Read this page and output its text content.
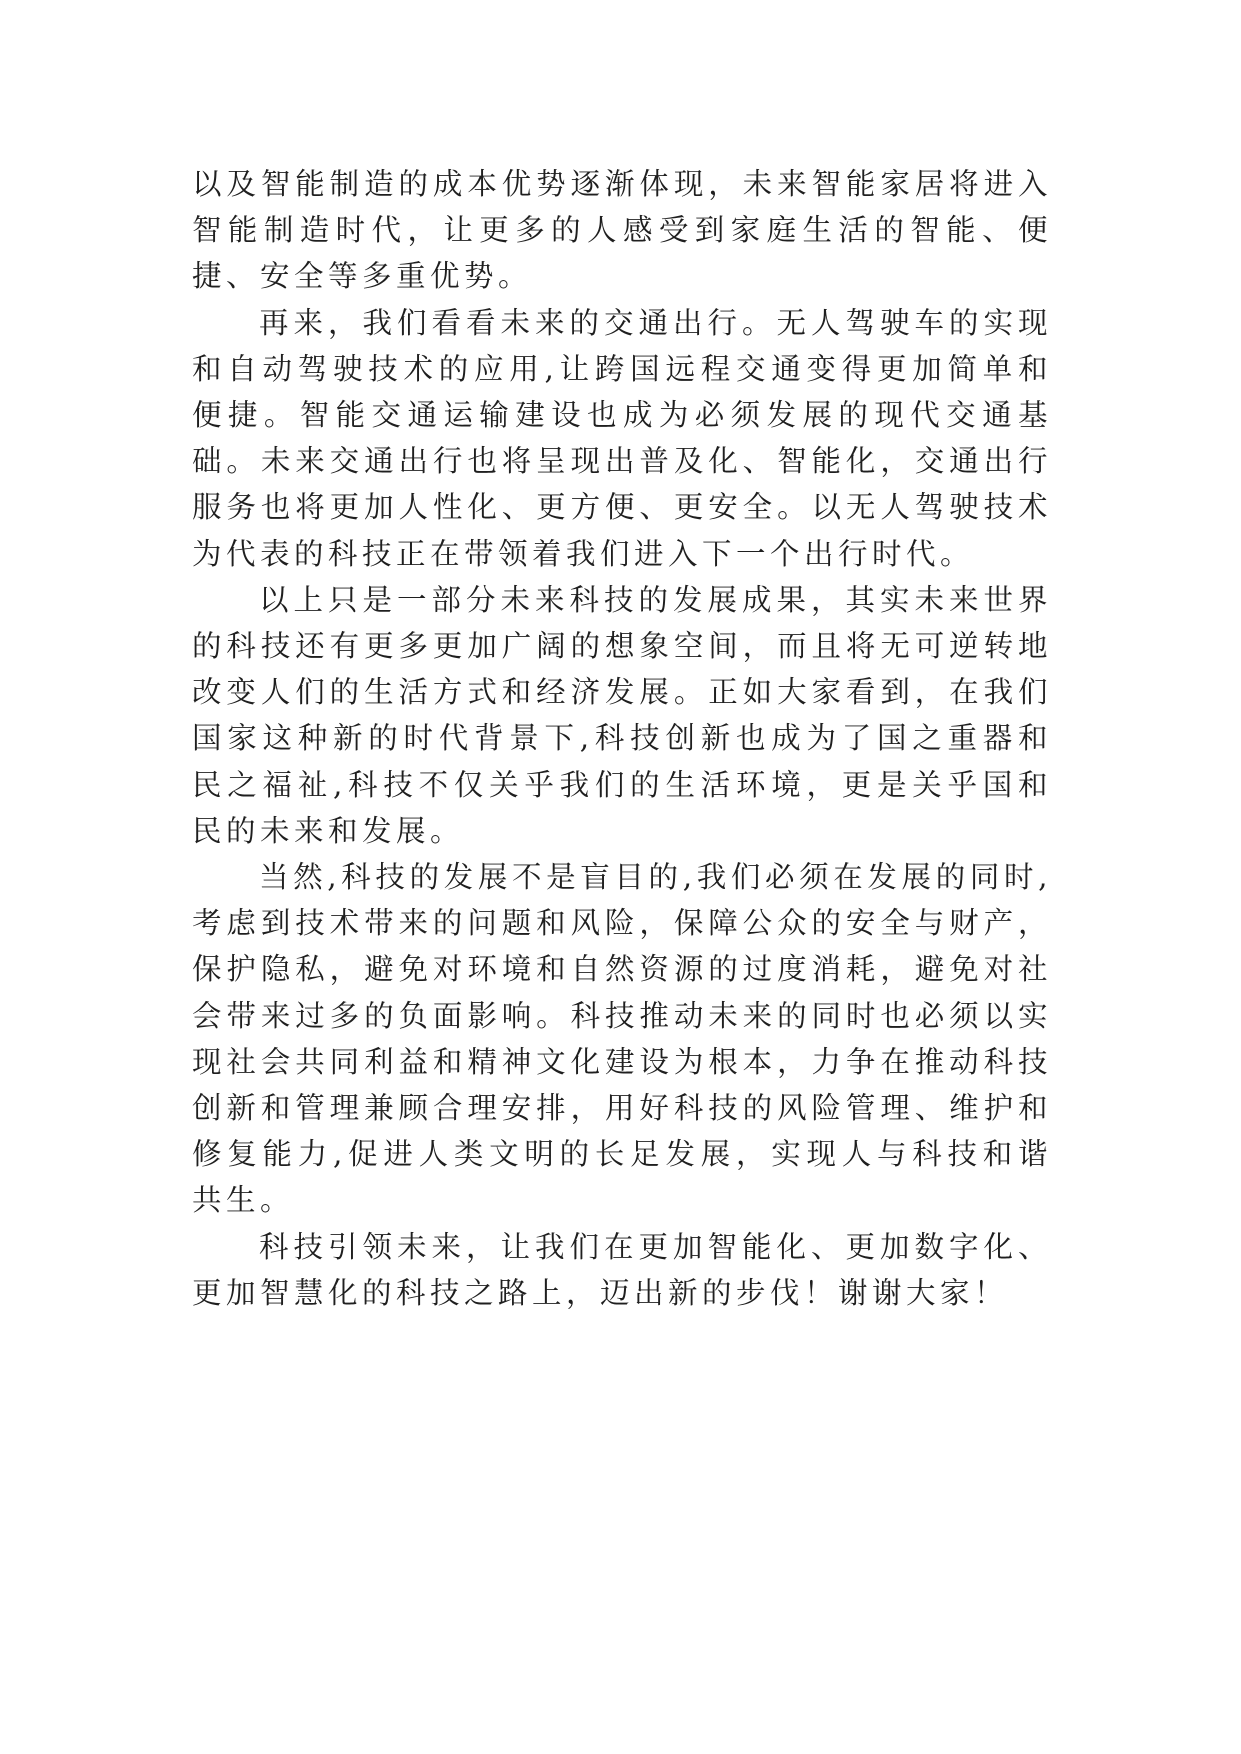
以及智能制造的成本优势逐渐体现，未来智能家居将进入智能制造时代，让更多的人感受到家庭生活的智能、便捷、安全等多重优势。

再来，我们看看未来的交通出行。无人驾驶车的实现和自动驾驶技术的应用,让跨国远程交通变得更加简单和便捷。智能交通运输建设也成为必须发展的现代交通基础。未来交通出行也将呈现出普及化、智能化，交通出行服务也将更加人性化、更方便、更安全。以无人驾驶技术为代表的科技正在带领着我们进入下一个出行时代。

以上只是一部分未来科技的发展成果，其实未来世界的科技还有更多更加广阔的想象空间，而且将无可逆转地改变人们的生活方式和经济发展。正如大家看到，在我们国家这种新的时代背景下,科技创新也成为了国之重器和民之福祉,科技不仅关乎我们的生活环境，更是关乎国和民的未来和发展。

当然,科技的发展不是盲目的,我们必须在发展的同时,考虑到技术带来的问题和风险，保障公众的安全与财产，保护隐私，避免对环境和自然资源的过度消耗，避免对社会带来过多的负面影响。科技推动未来的同时也必须以实现社会共同利益和精神文化建设为根本，力争在推动科技创新和管理兼顾合理安排，用好科技的风险管理、维护和修复能力,促进人类文明的长足发展，实现人与科技和谐共生。

科技引领未来，让我们在更加智能化、更加数字化、更加智慧化的科技之路上，迈出新的步伐！谢谢大家！
